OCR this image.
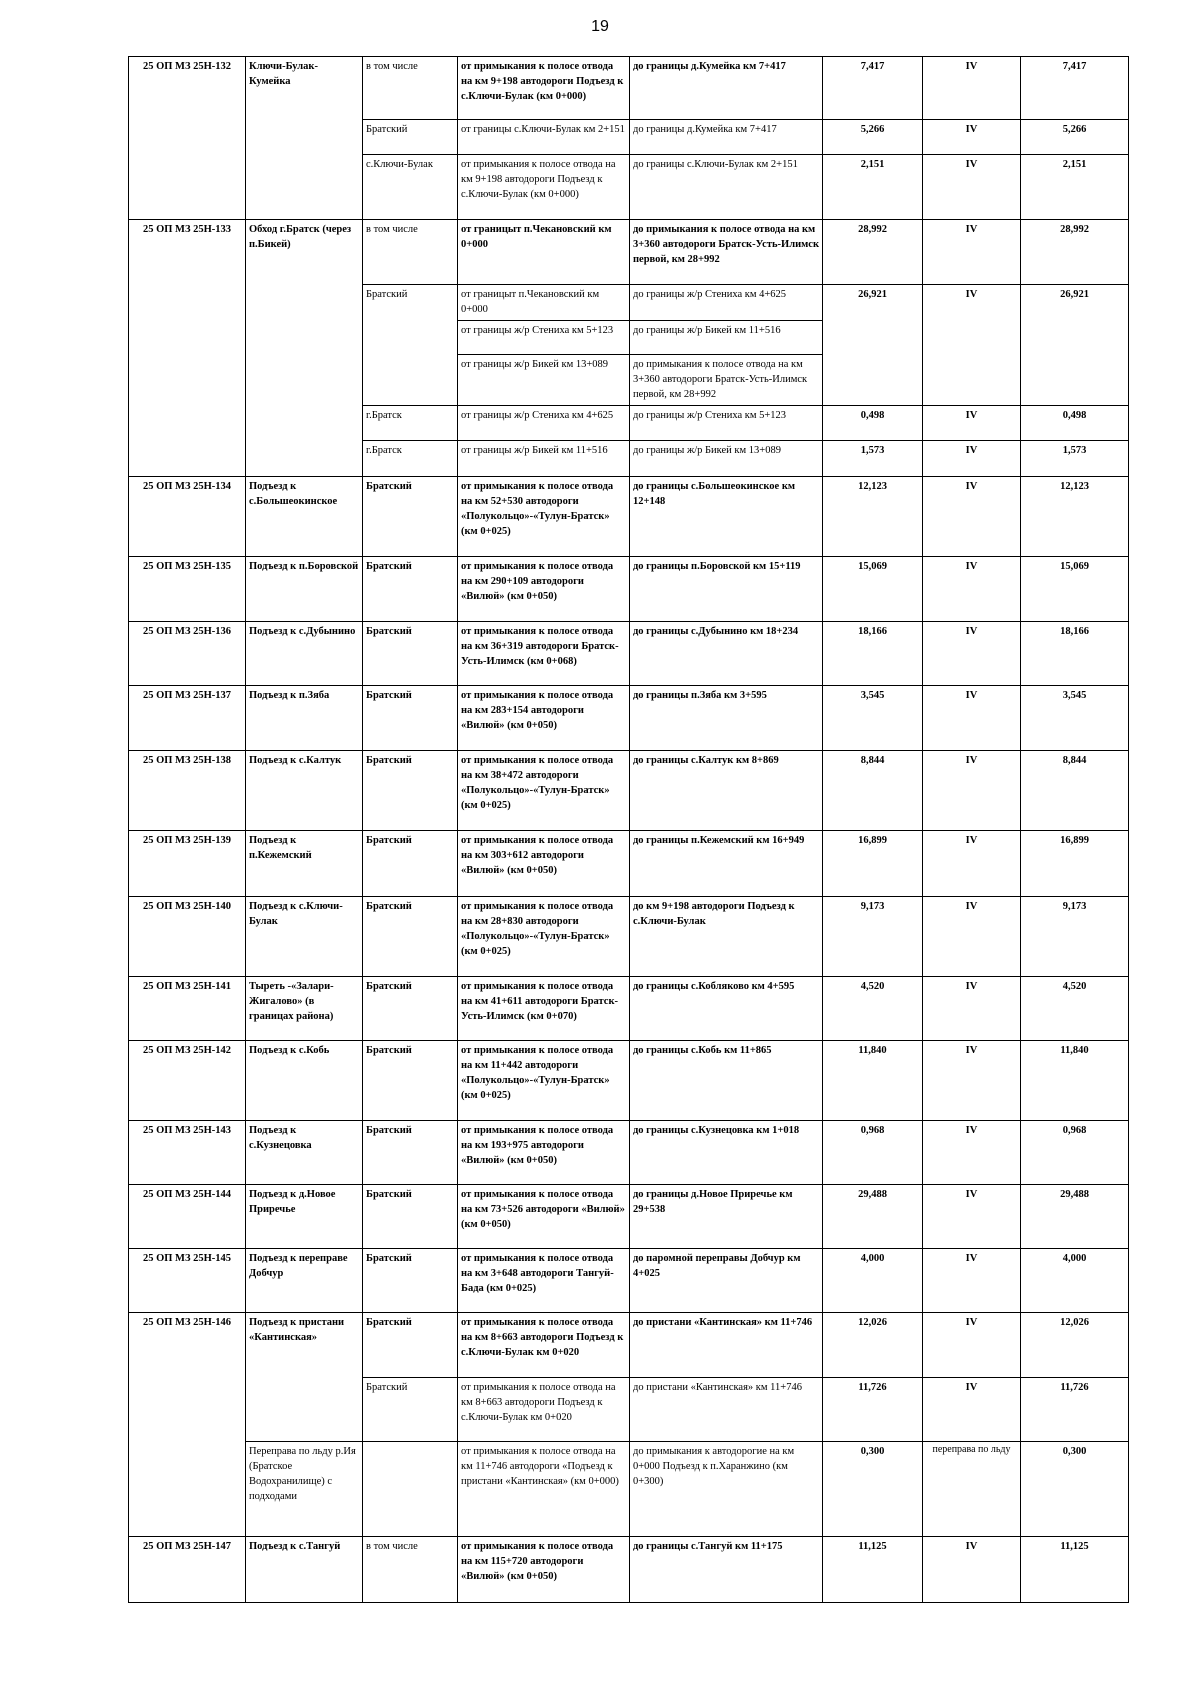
19
25 ОП МЗ 25Н-132	Ключи-Булак-Кумейка	в том числе	от примыкания к полосе отвода на км 9+198 автодороги Подъезд к с.Ключи-Булак (км 0+000)	до границы д.Кумейка км 7+417	7,417	IV	7,417
		Братский	от границы с.Ключи-Булак км 2+151	до границы д.Кумейка км 7+417	5,266	IV	5,266
		с.Ключи-Булак	от примыкания к полосе отвода на км 9+198 автодороги Подъезд к с.Ключи-Булак (км 0+000)	до границы с.Ключи-Булак км 2+151	2,151	IV	2,151
25 ОП МЗ 25Н-133	Обход г.Братск (через п.Бикей)	в том числе	от границыт п.Чекановский км 0+000	до примыкания к полосе отвода на км 3+360 автодороги Братск-Усть-Илимск первой, км 28+992	28,992	IV	28,992
		Братский	от границыт п.Чекановский км 0+000	до границы ж/р Стениха км 4+625	26,921	IV	26,921
			от границы ж/р Стениха км 5+123	до границы ж/р Бикей км 11+516			
			от границы ж/р Бикей км 13+089	до примыкания к полосе отвода на км 3+360 автодороги Братск-Усть-Илимск первой, км 28+992			
		г.Братск	от границы ж/р Стениха км 4+625	до границы ж/р Стениха км 5+123	0,498	IV	0,498
		г.Братск	от границы ж/р Бикей км 11+516	до границы ж/р Бикей км 13+089	1,573	IV	1,573
25 ОП МЗ 25Н-134	Подъезд к с.Большеокинское	Братский	от примыкания к полосе отвода на км 52+530 автодороги «Полукольцо»-«Тулун-Братск» (км 0+025)	до границы с.Большеокинское км 12+148	12,123	IV	12,123
25 ОП МЗ 25Н-135	Подъезд к п.Боровской	Братский	от примыкания к полосе отвода на км 290+109 автодороги «Вилюй» (км 0+050)	до границы п.Боровской км 15+119	15,069	IV	15,069
25 ОП МЗ 25Н-136	Подъезд к с.Дубынино	Братский	от примыкания к полосе отвода на км 36+319 автодороги Братск-Усть-Илимск (км 0+068)	до границы с.Дубынино км 18+234	18,166	IV	18,166
25 ОП МЗ 25Н-137	Подъезд к п.Зяба	Братский	от примыкания к полосе отвода на км 283+154 автодороги «Вилюй» (км 0+050)	до границы п.Зяба км 3+595	3,545	IV	3,545
25 ОП МЗ 25Н-138	Подъезд к с.Калтук	Братский	от примыкания к полосе отвода на км 38+472 автодороги «Полукольцо»-«Тулун-Братск» (км 0+025)	до границы с.Калтук км 8+869	8,844	IV	8,844
25 ОП МЗ 25Н-139	Подъезд к п.Кежемский	Братский	от примыкания к полосе отвода на км 303+612 автодороги «Вилюй» (км 0+050)	до границы п.Кежемский км 16+949	16,899	IV	16,899
25 ОП МЗ 25Н-140	Подъезд к с.Ключи-Булак	Братский	от примыкания к полосе отвода на км 28+830 автодороги «Полукольцо»-«Тулун-Братск» (км 0+025)	до км 9+198 автодороги Подъезд к с.Ключи-Булак	9,173	IV	9,173
25 ОП МЗ 25Н-141	Тыреть -«Залари-Жигалово» (в границах района)	Братский	от примыкания к полосе отвода на км 41+611 автодороги Братск-Усть-Илимск (км 0+070)	до границы с.Кобляково км 4+595	4,520	IV	4,520
25 ОП МЗ 25Н-142	Подъезд к с.Кобь	Братский	от примыкания к полосе отвода на км 11+442 автодороги «Полукольцо»-«Тулун-Братск» (км 0+025)	до границы с.Кобь км 11+865	11,840	IV	11,840
25 ОП МЗ 25Н-143	Подъезд к с.Кузнецовка	Братский	от примыкания к полосе отвода на км 193+975 автодороги «Вилюй» (км 0+050)	до границы с.Кузнецовка км 1+018	0,968	IV	0,968
25 ОП МЗ 25Н-144	Подъезд к д.Новое Приречье	Братский	от примыкания к полосе отвода на км 73+526 автодороги «Вилюй» (км 0+050)	до границы д.Новое Приречье км 29+538	29,488	IV	29,488
25 ОП МЗ 25Н-145	Подъезд к переправе Добчур	Братский	от примыкания к полосе отвода на км 3+648 автодороги Тангуй-Бада (км 0+025)	до паромной переправы Добчур км 4+025	4,000	IV	4,000
25 ОП МЗ 25Н-146	Подъезд к пристани «Кантинская»	Братский	от примыкания к полосе отвода на км 8+663 автодороги Подъезд к с.Ключи-Булак км 0+020	до пристани «Кантинская» км 11+746	12,026	IV	12,026
		Братский	от примыкания к полосе отвода на км 8+663 автодороги Подъезд к с.Ключи-Булак км 0+020	до пристани «Кантинская» км 11+746	11,726	IV	11,726
	Переправа по льду р.Ия (Братское Водохранилище) с подходами		от примыкания к полосе отвода на км 11+746 автодороги «Подъезд к пристани «Кантинская» (км 0+000)	до примыкания к автодорогие на км 0+000 Подъезд к п.Харанжино (км 0+300)	0,300	переправа по льду	0,300
25 ОП МЗ 25Н-147	Подъезд к с.Тангуй	в том числе	от примыкания к полосе отвода на км 115+720 автодороги «Вилюй» (км 0+050)	до границы с.Тангуй км 11+175	11,125	IV	11,125
